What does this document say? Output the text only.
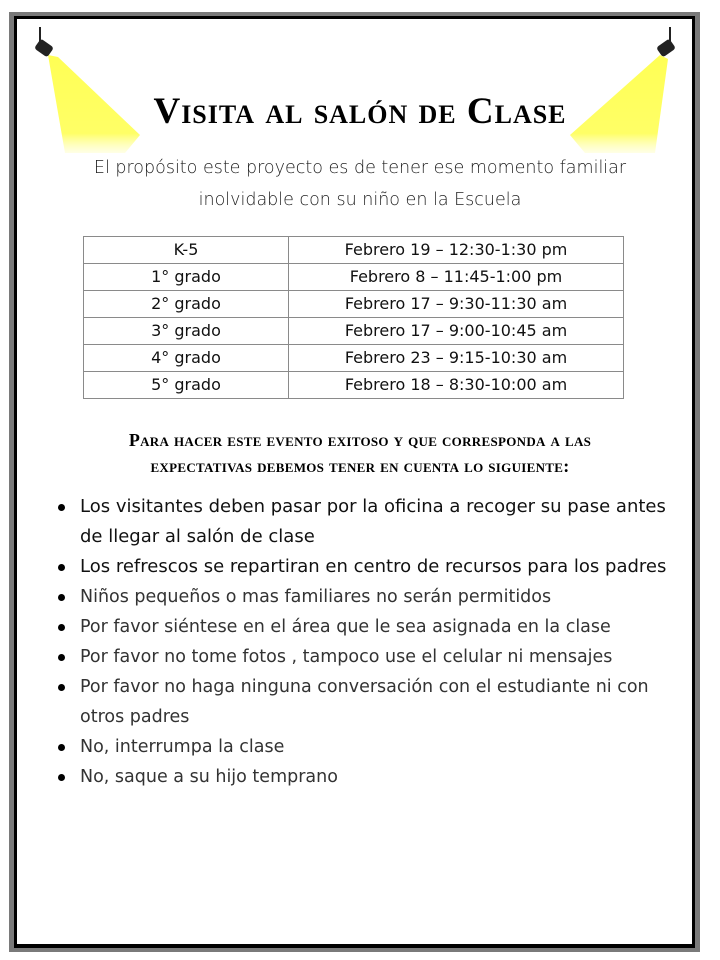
Visita al salón de Clase
El propósito este proyecto es de tener ese momento familiar
inolvidable con su niño en la Escuela
K-5	Febrero 19 – 12:30-1:30 pm
1° grado	Febrero 8 – 11:45-1:00 pm
2° grado	Febrero 17 – 9:30-11:30 am
3° grado	Febrero 17 – 9:00-10:45 am
4° grado	Febrero 23 – 9:15-10:30 am
5° grado	Febrero 18 – 8:30-10:00 am
Para hacer este evento exitoso y que corresponda a las
expectativas debemos tener en cuenta lo siguiente:
Los visitantes deben pasar por la oficina a recoger su pase antes de llegar al salón de clase
Los refrescos se repartiran en centro de recursos para los padres
Niños pequeños o mas familiares no serán permitidos
Por favor siéntese en el área que le sea asignada en la clase
Por favor no tome fotos , tampoco use el celular ni mensajes
Por favor no haga ninguna conversación con el estudiante ni con otros padres
No, interrumpa la clase
No, saque a su hijo temprano
